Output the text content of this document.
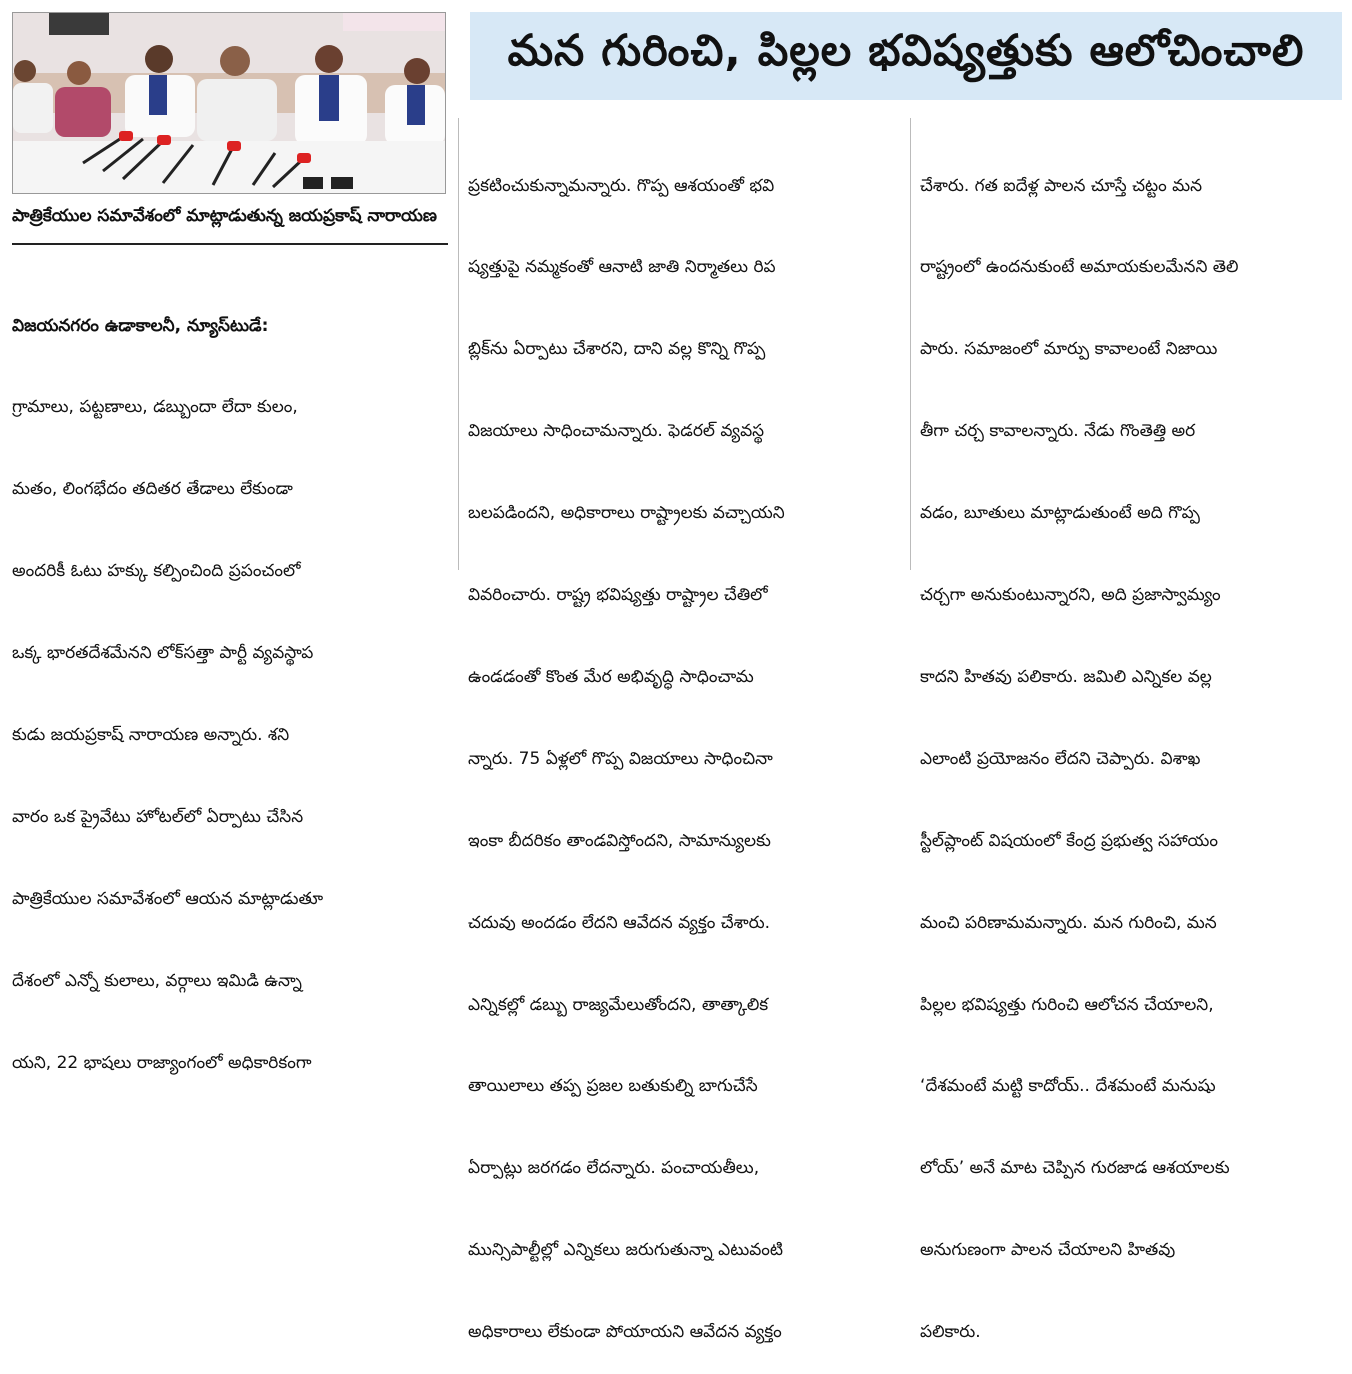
పాత్రికేయుల సమావేశంలో మాట్లాడుతున్న జయప్రకాష్ నారాయణ
మన గురించి, పిల్లల భవిష్యత్తుకు ఆలోచించాలి

విజయనగరం ఉడాకాలనీ, న్యూస్‌టుడే:

గ్రామాలు, పట్టణాలు, డబ్బుందా లేదా కులం,

మతం, లింగభేదం తదితర తేడాలు లేకుండా

అందరికీ ఓటు హక్కు కల్పించింది ప్రపంచంలో

ఒక్క భారతదేశమేనని లోక్‌సత్తా పార్టీ వ్యవస్థాప

కుడు జయప్రకాష్ నారాయణ అన్నారు. శని

వారం ఒక ప్రైవేటు హోటల్‌లో ఏర్పాటు చేసిన

పాత్రికేయుల సమావేశంలో ఆయన మాట్లాడుతూ

దేశంలో ఎన్నో కులాలు, వర్గాలు ఇమిడి ఉన్నా

యని, 22 భాషలు రాజ్యాంగంలో అధికారికంగా

ప్రకటించుకున్నామన్నారు. గొప్ప ఆశయంతో భవి

ష్యత్తుపై నమ్మకంతో ఆనాటి జాతి నిర్మాతలు రిప

బ్లిక్‌ను ఏర్పాటు చేశారని, దాని వల్ల కొన్ని గొప్ప

విజయాలు సాధించామన్నారు. ఫెడరల్ వ్యవస్థ

బలపడిందని, అధికారాలు రాష్ట్రాలకు వచ్చాయని

వివరించారు. రాష్ట్ర భవిష్యత్తు రాష్ట్రాల చేతిలో

ఉండడంతో కొంత మేర అభివృద్ధి సాధించామ

న్నారు. 75 ఏళ్లలో గొప్ప విజయాలు సాధించినా

ఇంకా బీదరికం తాండవిస్తోందని, సామాన్యులకు

చదువు అందడం లేదని ఆవేదన వ్యక్తం చేశారు.

ఎన్నికల్లో డబ్బు రాజ్యమేలుతోందని, తాత్కాలిక

తాయిలాలు తప్ప ప్రజల బతుకుల్ని బాగుచేసే

ఏర్పాట్లు జరగడం లేదన్నారు. పంచాయతీలు,

మున్సిపాల్టీల్లో ఎన్నికలు జరుగుతున్నా ఎటువంటి

అధికారాలు లేకుండా పోయాయని ఆవేదన వ్యక్తం

చేశారు. గత ఐదేళ్ల పాలన చూస్తే చట్టం మన

రాష్ట్రంలో ఉందనుకుంటే అమాయకులమేనని తెలి

పారు. సమాజంలో మార్పు కావాలంటే నిజాయి

తీగా చర్చ కావాలన్నారు. నేడు గొంతెత్తి అర

వడం, బూతులు మాట్లాడుతుంటే అది గొప్ప

చర్చగా అనుకుంటున్నారని, అది ప్రజాస్వామ్యం

కాదని హితవు పలికారు. జమిలి ఎన్నికల వల్ల

ఎలాంటి ప్రయోజనం లేదని చెప్పారు. విశాఖ

స్టీల్‌ప్లాంట్ విషయంలో కేంద్ర ప్రభుత్వ సహాయం

మంచి పరిణామమన్నారు. మన గురించి, మన

పిల్లల భవిష్యత్తు గురించి ఆలోచన చేయాలని,

‘దేశమంటే మట్టి కాదోయ్.. దేశమంటే మనుషు

లోయ్’ అనే మాట చెప్పిన గురజాడ ఆశయాలకు

అనుగుణంగా పాలన చేయాలని హితవు

పలికారు.
